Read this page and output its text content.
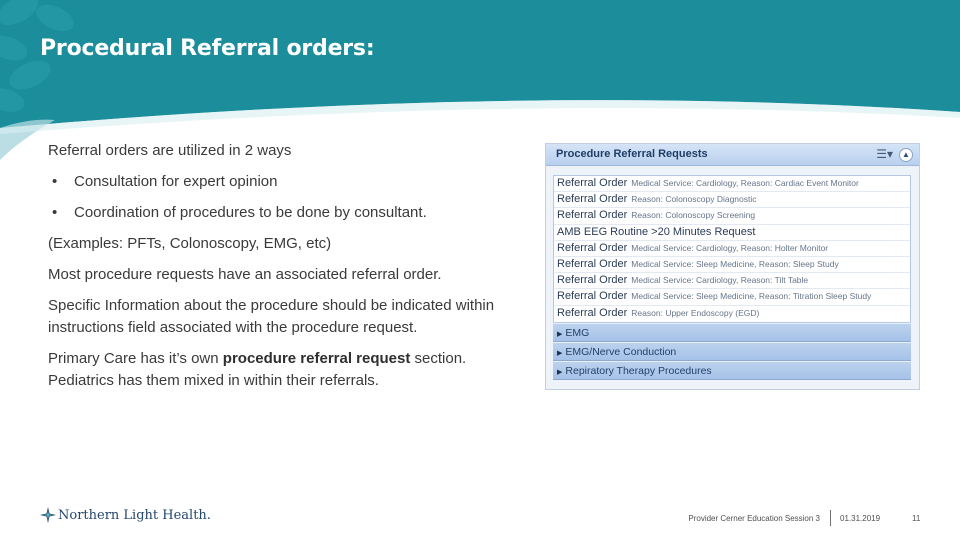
Procedural Referral orders:

Referral orders are utilized in 2 ways

•	Consultation for expert opinion
•	Coordination of procedures to be done by consultant.

(Examples: PFTs, Colonoscopy, EMG, etc)

Most procedure requests have an associated referral order.

Specific Information about the procedure should be indicated within instructions field associated with the procedure request.

Primary Care has it’s own procedure referral request section.

Pediatrics has them mixed in within their referrals.

Procedure Referral Requests	☰▾	▲
Referral Order Medical Service: Cardiology, Reason: Cardiac Event Monitor
Referral Order Reason: Colonoscopy Diagnostic
Referral Order Reason: Colonoscopy Screening
AMB EEG Routine >20 Minutes Request
Referral Order Medical Service: Cardiology, Reason: Holter Monitor
Referral Order Medical Service: Sleep Medicine, Reason: Sleep Study
Referral Order Medical Service: Cardiology, Reason: Tilt Table
Referral Order Medical Service: Sleep Medicine, Reason: Titration Sleep Study
Referral Order Reason: Upper Endoscopy (EGD)
▶ EMG
▶ EMG/Nerve Conduction
▶ Repiratory Therapy Procedures
Northern Light Health.	Provider Cerner Education Session 3	01.31.2019	11
